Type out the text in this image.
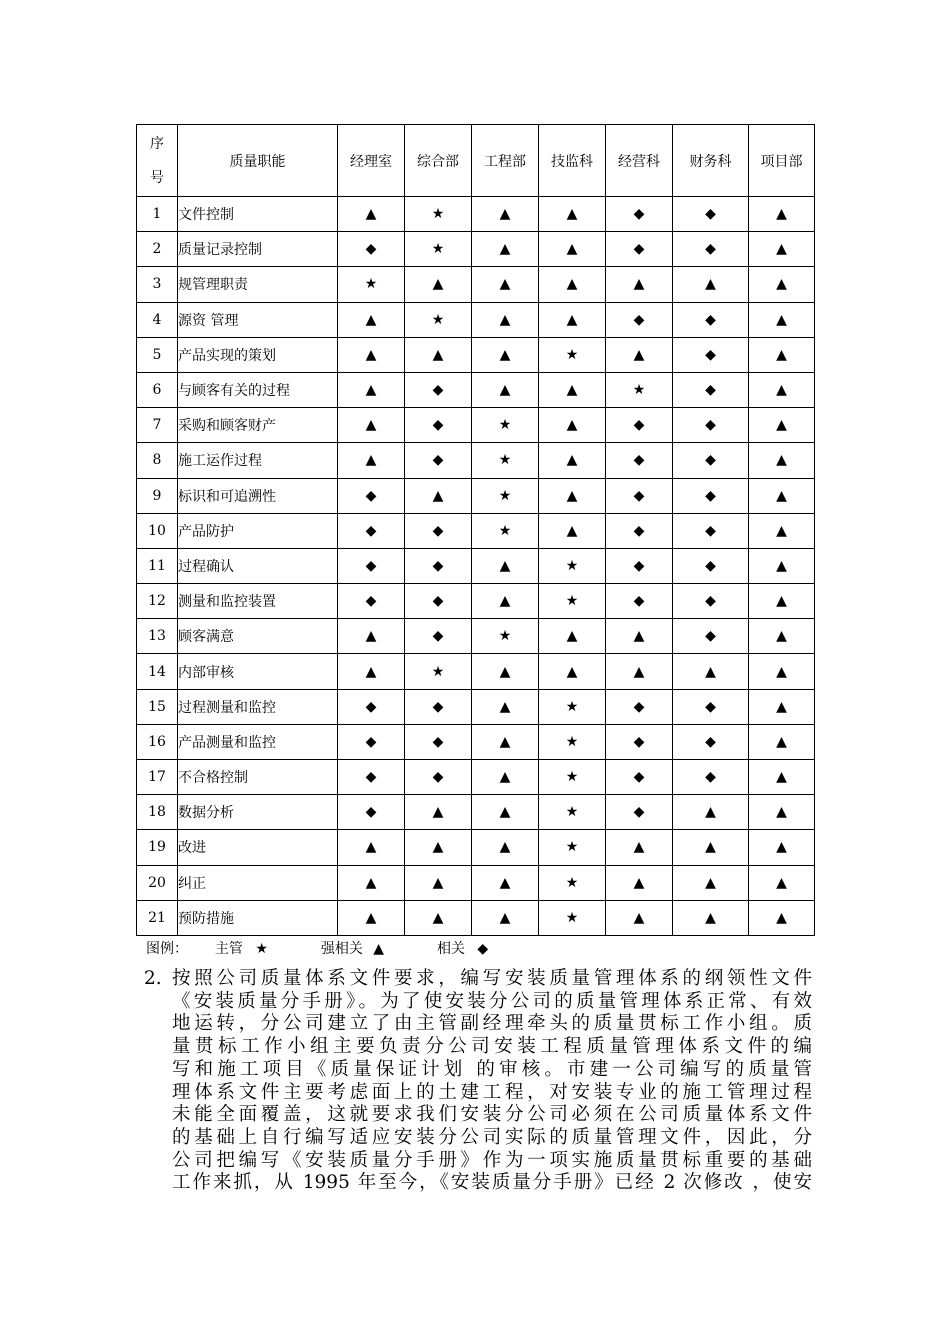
序号	质量职能	经理室	综合部	工程部	技监科	经营科	财务科	项目部
1	文件控制	▲	★	▲	▲	◆	◆	▲
2	质量记录控制	◆	★	▲	▲	◆	◆	▲
3	规管理职责	★	▲	▲	▲	▲	▲	▲
4	源资 管理	▲	★	▲	▲	◆	◆	▲
5	产品实现的策划	▲	▲	▲	★	▲	◆	▲
6	与顾客有关的过程	▲	◆	▲	▲	★	◆	▲
7	采购和顾客财产	▲	◆	★	▲	◆	◆	▲
8	施工运作过程	▲	◆	★	▲	◆	◆	▲
9	标识和可追溯性	◆	▲	★	▲	◆	◆	▲
10	产品防护	◆	◆	★	▲	◆	◆	▲
11	过程确认	◆	◆	▲	★	◆	◆	▲
12	测量和监控装置	◆	◆	▲	★	◆	◆	▲
13	顾客满意	▲	◆	★	▲	▲	◆	▲
14	内部审核	▲	★	▲	▲	▲	▲	▲
15	过程测量和监控	◆	◆	▲	★	◆	◆	▲
16	产品测量和监控	◆	◆	▲	★	◆	◆	▲
17	不合格控制	◆	◆	▲	★	◆	◆	▲
18	数据分析	◆	▲	▲	★	◆	▲	▲
19	改进	▲	▲	▲	★	▲	▲	▲
20	纠正	▲	▲	▲	★	▲	▲	▲
21	预防措施	▲	▲	▲	★	▲	▲	▲
图例： 主管 ★	强相关 ▲	相关 ◆
2. 按照公司质量体系文件要求，编写安装质量管理体系的纲领性文件
《安装质量分手册》。为了使安装分公司的质量管理体系正常、有效
地运转，分公司建立了由主管副经理牵头的质量贯标工作小组。质
量贯标工作小组主要负责分公司安装工程质量管理体系文件的编
写和施工项目《质量保证计划 的审核。市建一公司编写的质量管
理体系文件主要考虑面上的土建工程，对安装专业的施工管理过程
未能全面覆盖，这就要求我们安装分公司必须在公司质量体系文件
的基础上自行编写适应安装分公司实际的质量管理文件，因此，分
公司把编写《安装质量分手册》作为一项实施质量贯标重要的基础
工作来抓，从 1995 年至今，《安装质量分手册》已经 2 次修改 ，使安
